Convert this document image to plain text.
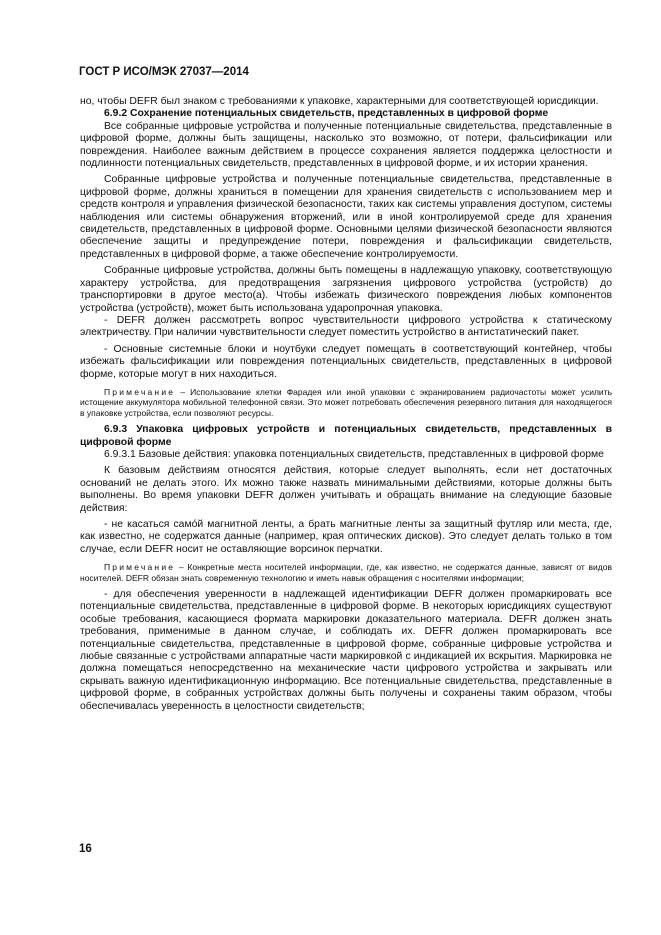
ГОСТ Р ИСО/МЭК 27037—2014

но, чтобы DEFR был знаком с требованиями к упаковке, характерными для соответствующей юрисдикции.

6.9.2 Сохранение потенциальных свидетельств, представленных в цифровой форме

Все собранные цифровые устройства и полученные потенциальные свидетельства, представленные в цифровой форме, должны быть защищены, насколько это возможно, от потери, фальсификации или повреждения. Наиболее важным действием в процессе сохранения является поддержка целостности и подлинности потенциальных свидетельств, представленных в цифровой форме, и их истории хранения.

Собранные цифровые устройства и полученные потенциальные свидетельства, представленные в цифровой форме, должны храниться в помещении для хранения свидетельств с использованием мер и средств контроля и управления физической безопасности, таких как системы управления доступом, системы наблюдения или системы обнаружения вторжений, или в иной контролируемой среде для хранения свидетельств, представленных в цифровой форме. Основными целями физической безопасности являются обеспечение защиты и предупреждение потери, повреждения и фальсификации свидетельств, представленных в цифровой форме, а также обеспечение контролируемости.

Собранные цифровые устройства, должны быть помещены в надлежащую упаковку, соответствующую характеру устройства, для предотвращения загрязнения цифрового устройства (устройств) до транспортировки в другое место(а). Чтобы избежать физического повреждения любых компонентов устройства (устройств), может быть использована ударопрочная упаковка.

- DEFR должен рассмотреть вопрос чувствительности цифрового устройства к статическому электричеству. При наличии чувствительности следует поместить устройство в антистатический пакет.

- Основные системные блоки и ноутбуки следует помещать в соответствующий контейнер, чтобы избежать фальсификации или повреждения потенциальных свидетельств, представленных в цифровой форме, которые могут в них находиться.

Примечание – Использование клетки Фарадея или иной упаковки с экранированием радиочастоты может усилить истощение аккумулятора мобильной телефонной связи. Это может потребовать обеспечения резервного питания для находящегося в упаковке устройства, если позволяют ресурсы.

6.9.3 Упаковка цифровых устройств и потенциальных свидетельств, представленных в цифровой форме

6.9.3.1 Базовые действия: упаковка потенциальных свидетельств, представленных в цифровой форме

К базовым действиям относятся действия, которые следует выполнять, если нет достаточных оснований не делать этого. Их можно также назвать минимальными действиями, которые должны быть выполнены. Во время упаковки DEFR должен учитывать и обращать внимание на следующие базовые действия:

- не касаться самóй магнитной ленты, а брать магнитные ленты за защитный футляр или места, где, как известно, не содержатся данные (например, края оптических дисков). Это следует делать только в том случае, если DEFR носит не оставляющие ворсинок перчатки.

Примечание – Конкретные места носителей информации, где, как известно, не содержатся данные, зависят от видов носителей. DEFR обязан знать современную технологию и иметь навык обращения с носителями информации;

- для обеспечения уверенности в надлежащей идентификации DEFR должен промаркировать все потенциальные свидетельства, представленные в цифровой форме. В некоторых юрисдикциях существуют особые требования, касающиеся формата маркировки доказательного материала. DEFR должен знать требования, применимые в данном случае, и соблюдать их. DEFR должен промаркировать все потенциальные свидетельства, представленные в цифровой форме, собранные цифровые устройства и любые связанные с устройствами аппаратные части маркировкой с индикацией их вскрытия. Маркировка не должна помещаться непосредственно на механические части цифрового устройства и закрывать или скрывать важную идентификационную информацию. Все потенциальные свидетельства, представленные в цифровой форме, в собранных устройствах должны быть получены и сохранены таким образом, чтобы обеспечивалась уверенность в целостности свидетельств;

16
